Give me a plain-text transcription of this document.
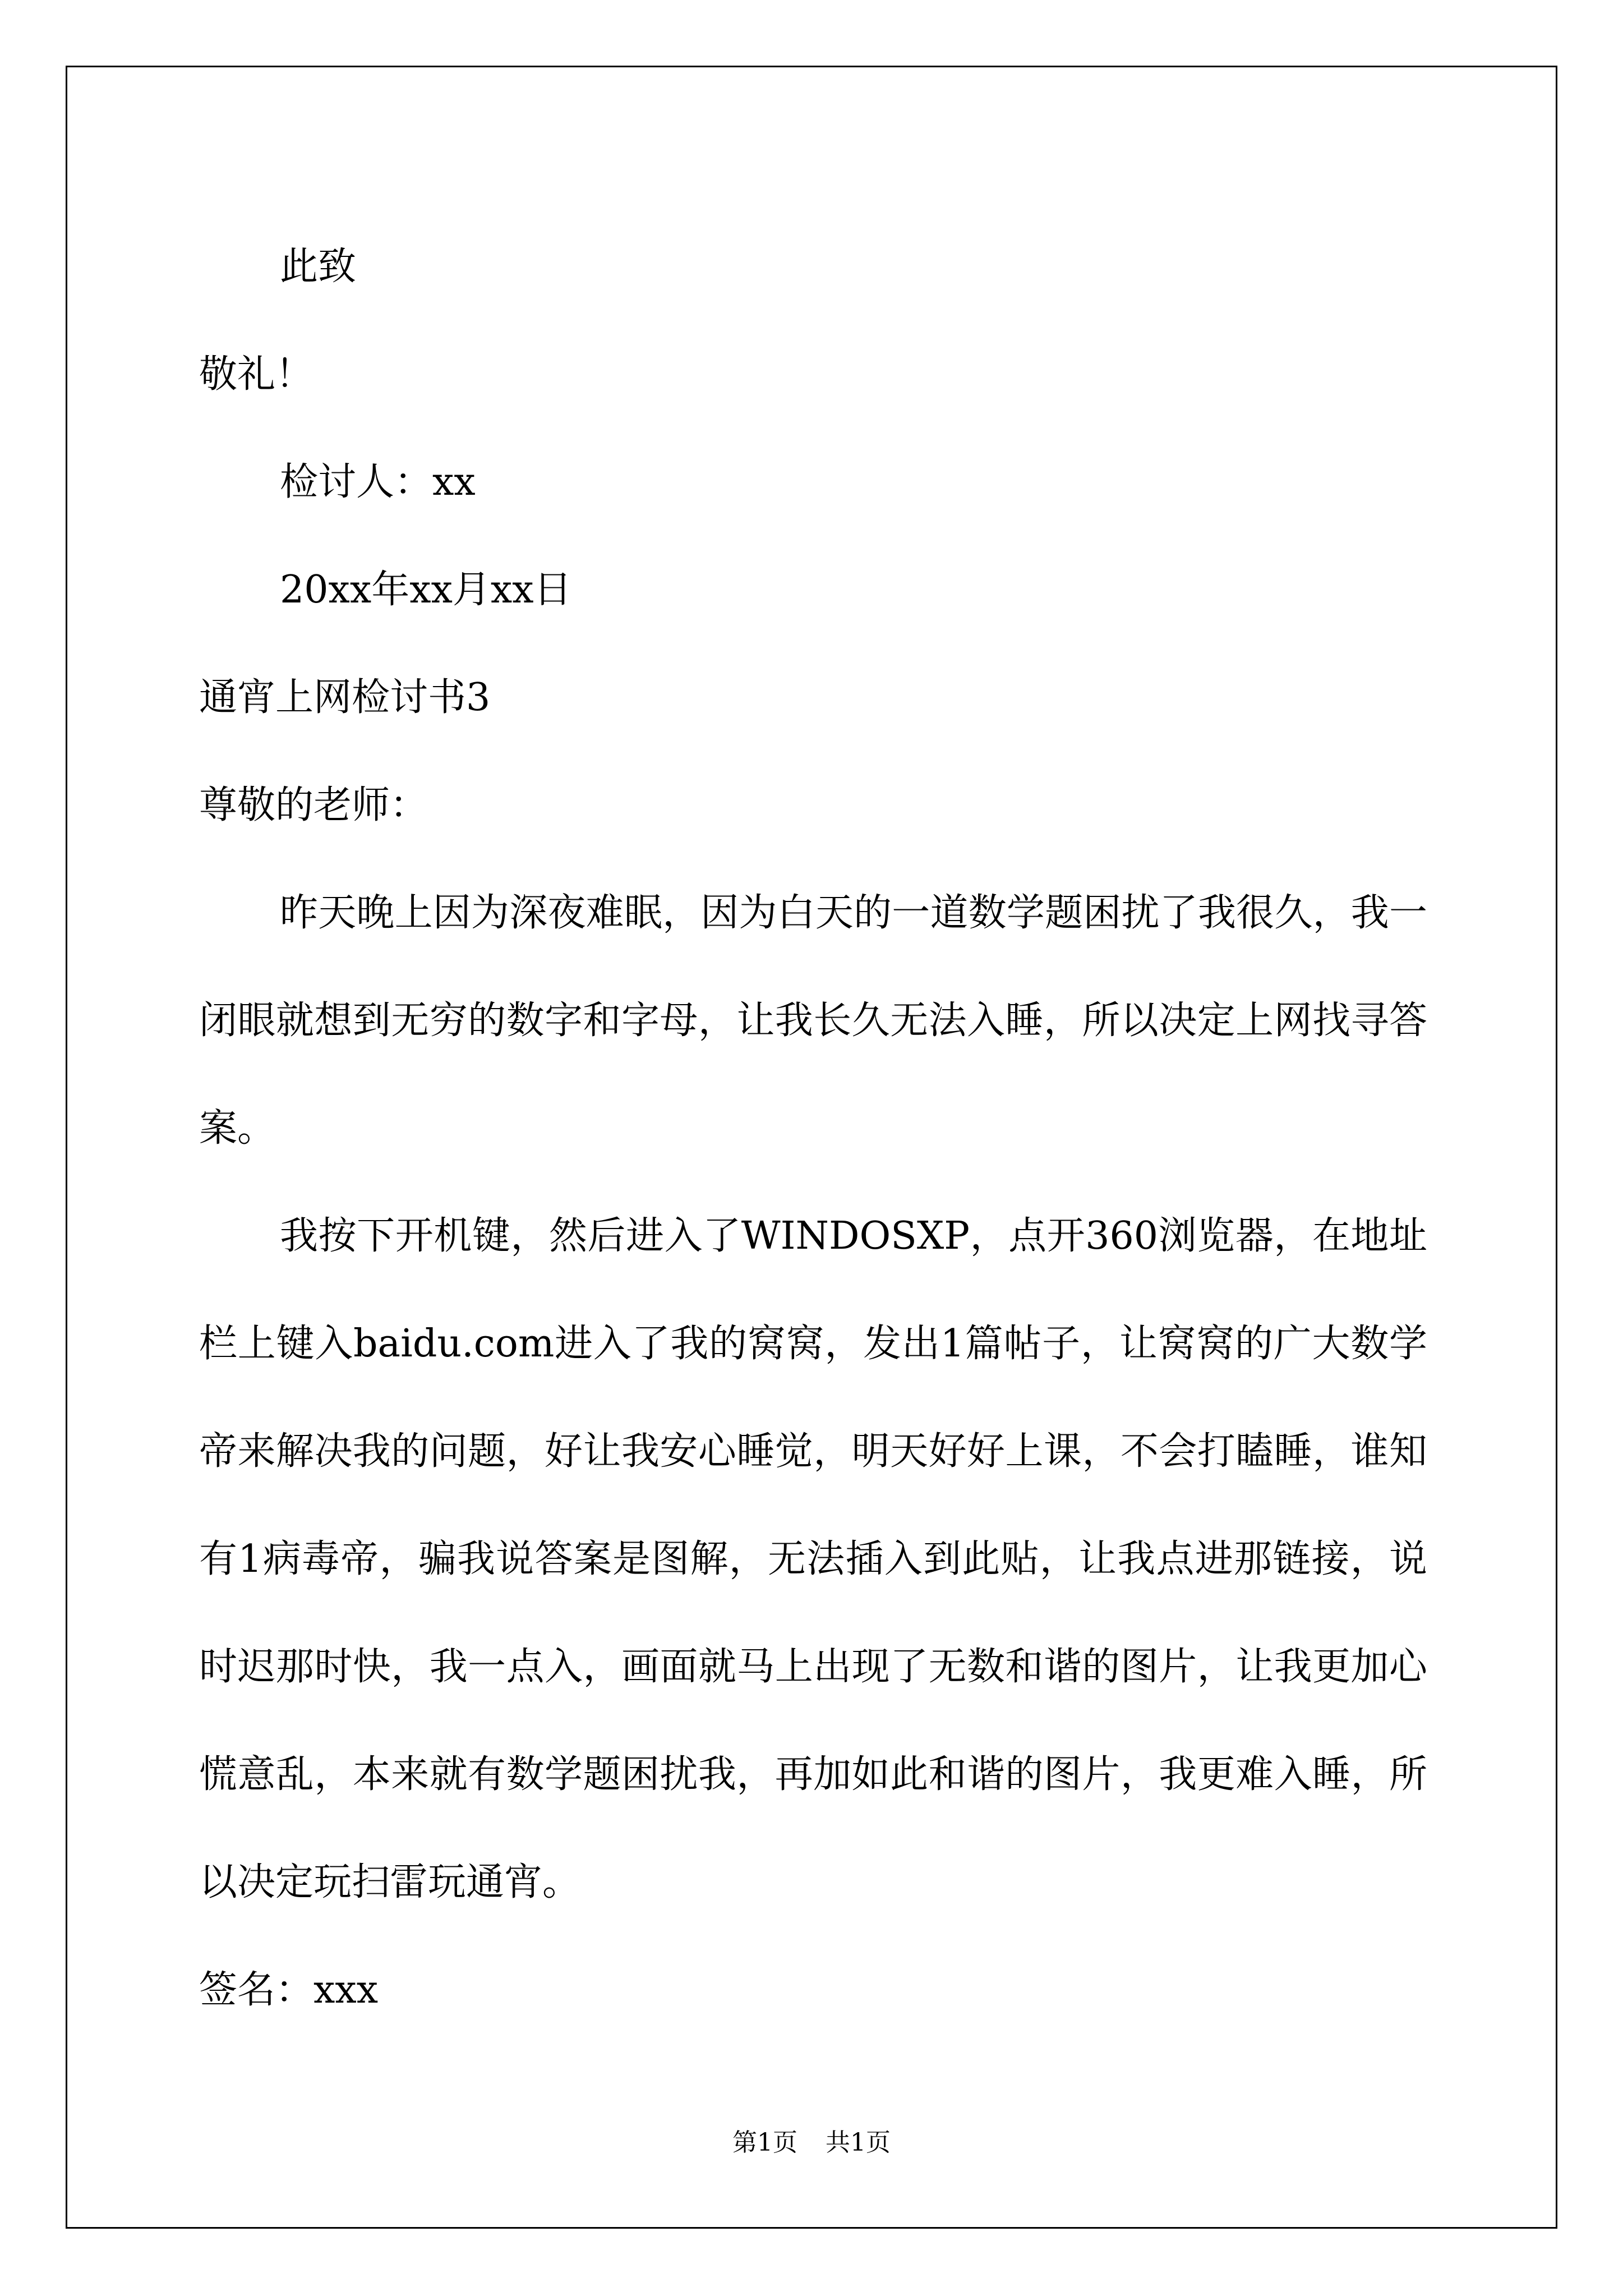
此致

敬礼！

检讨人：xx

20xx年xx月xx日

通宵上网检讨书3

尊敬的老师：

昨天晚上因为深夜难眠，因为白天的一道数学题困扰了我很久，我一闭眼就想到无穷的数字和字母，让我长久无法入睡，所以决定上网找寻答案。

我按下开机键，然后进入了WINDOSXP，点开360浏览器，在地址栏上键入baidu.com进入了我的窝窝，发出1篇帖子，让窝窝的广大数学帝来解决我的问题，好让我安心睡觉，明天好好上课，不会打瞌睡，谁知有1病毒帝，骗我说答案是图解，无法插入到此贴，让我点进那链接，说时迟那时快，我一点入，画面就马上出现了无数和谐的图片，让我更加心慌意乱，本来就有数学题困扰我，再加如此和谐的图片，我更难入睡，所以决定玩扫雷玩通宵。

签名：xxx

第1页 共1页
